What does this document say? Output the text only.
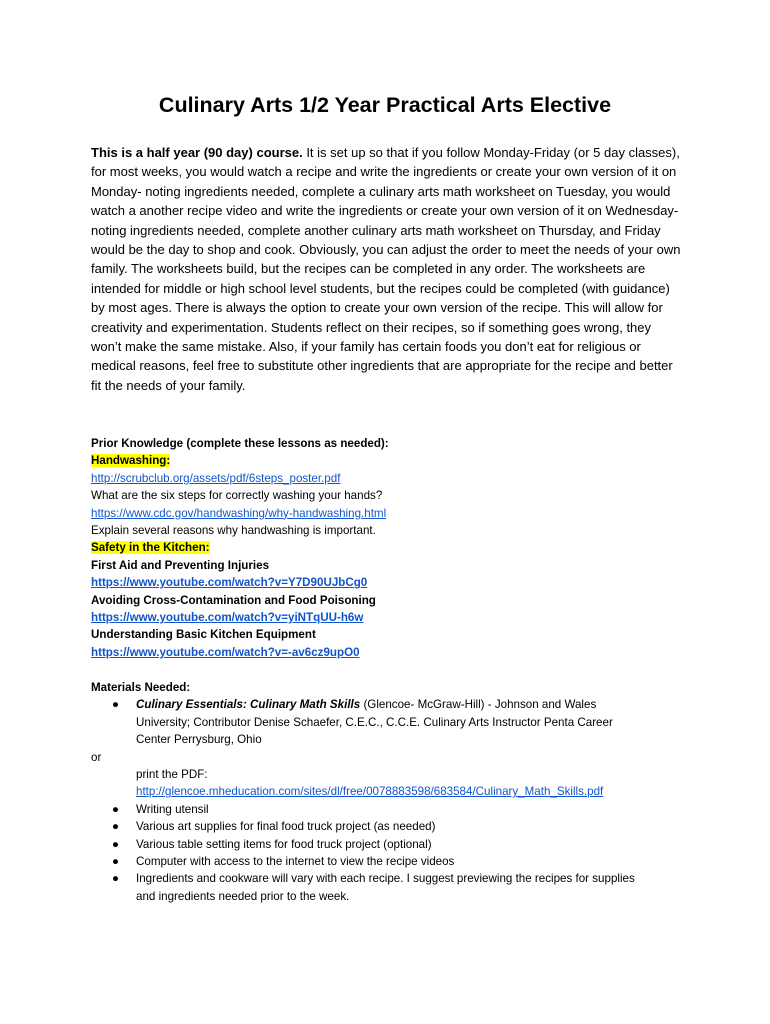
Culinary Arts 1/2 Year Practical Arts Elective

This is a half year (90 day) course. It is set up so that if you follow Monday-Friday (or 5 day classes), for most weeks, you would watch a recipe and write the ingredients or create your own version of it on Monday- noting ingredients needed, complete a culinary arts math worksheet on Tuesday, you would watch a another recipe video and write the ingredients or create your own version of it on Wednesday- noting ingredients needed, complete another culinary arts math worksheet on Thursday, and Friday would be the day to shop and cook. Obviously, you can adjust the order to meet the needs of your own family. The worksheets build, but the recipes can be completed in any order. The worksheets are intended for middle or high school level students, but the recipes could be completed (with guidance) by most ages. There is always the option to create your own version of the recipe. This will allow for creativity and experimentation. Students reflect on their recipes, so if something goes wrong, they won’t make the same mistake. Also, if your family has certain foods you don’t eat for religious or medical reasons, feel free to substitute other ingredients that are appropriate for the recipe and better fit the needs of your family.

Prior Knowledge (complete these lessons as needed):
Handwashing:
http://scrubclub.org/assets/pdf/6steps_poster.pdf
What are the six steps for correctly washing your hands?
https://www.cdc.gov/handwashing/why-handwashing.html
Explain several reasons why handwashing is important.
Safety in the Kitchen:
First Aid and Preventing Injuries
https://www.youtube.com/watch?v=Y7D90UJbCg0
Avoiding Cross-Contamination and Food Poisoning
https://www.youtube.com/watch?v=yiNTqUU-h6w
Understanding Basic Kitchen Equipment
https://www.youtube.com/watch?v=-av6cz9upO0
Materials Needed:
● Culinary Essentials: Culinary Math Skills (Glencoe- McGraw-Hill) - Johnson and Wales
University; Contributor Denise Schaefer, C.E.C., C.C.E. Culinary Arts Instructor Penta Career
Center Perrysburg, Ohio
or
print the PDF:
http://glencoe.mheducation.com/sites/dl/free/0078883598/683584/Culinary_Math_Skills.pdf
● Writing utensil
● Various art supplies for final food truck project (as needed)
● Various table setting items for food truck project (optional)
● Computer with access to the internet to view the recipe videos
● Ingredients and cookware will vary with each recipe. I suggest previewing the recipes for supplies
and ingredients needed prior to the week.
